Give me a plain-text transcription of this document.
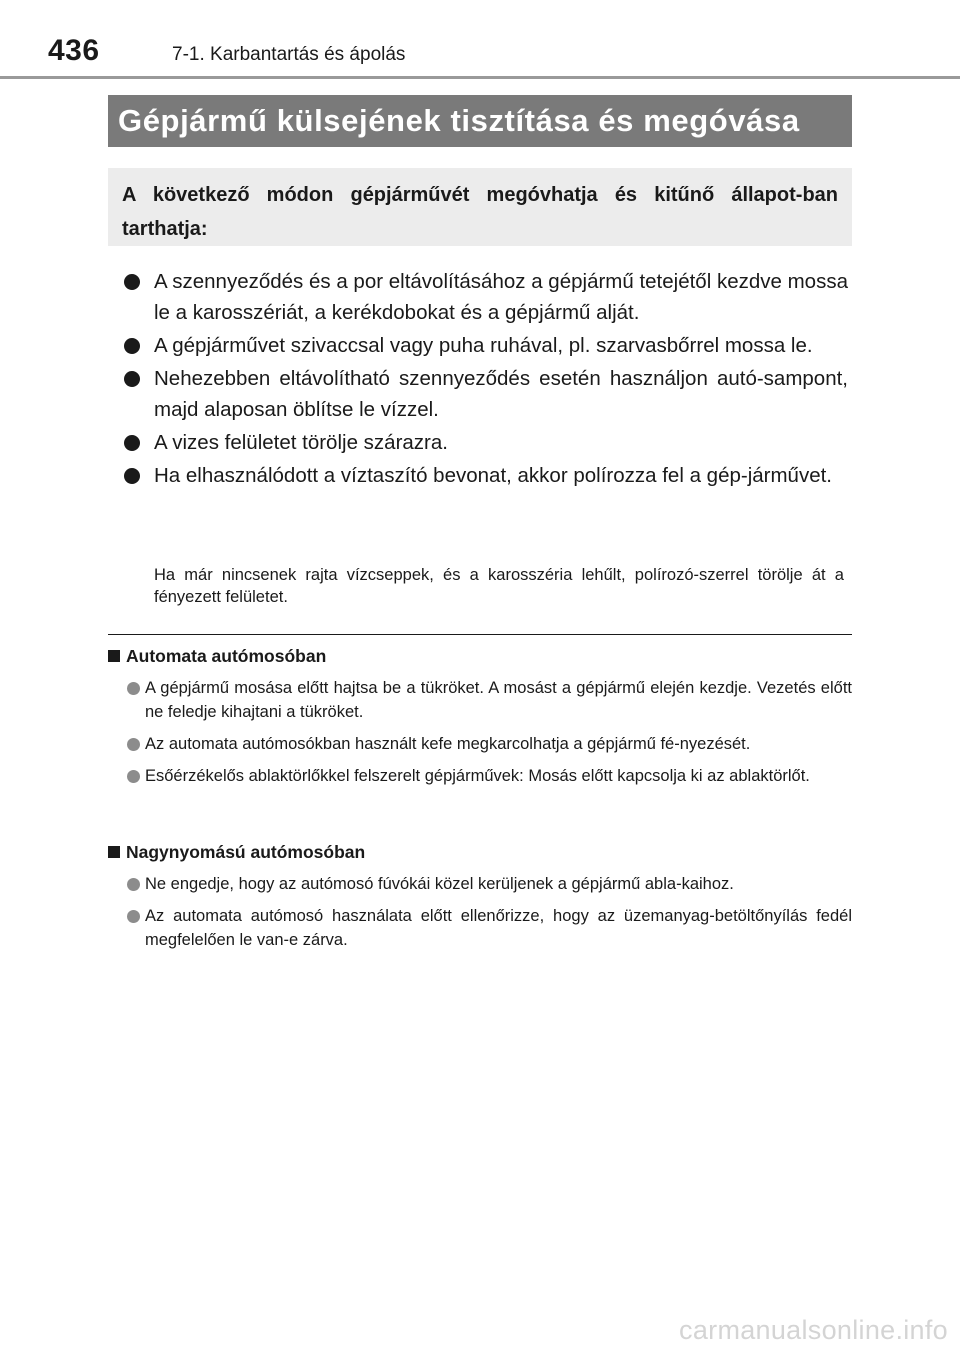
436	7-1. Karbantartás és ápolás
Gépjármű külsejének tisztítása és megóvása
A következő módon gépjárművét megóvhatja és kitűnő állapot-ban tarthatja:
A szennyeződés és a por eltávolításához a gépjármű tetejétől kezdve mossa le a karosszériát, a kerékdobokat és a gépjármű alját.
A gépjárművet szivaccsal vagy puha ruhával, pl. szarvasbőrrel mossa le.
Nehezebben eltávolítható szennyeződés esetén használjon autó-sampont, majd alaposan öblítse le vízzel.
A vizes felületet törölje szárazra.
Ha elhasználódott a víztaszító bevonat, akkor polírozza fel a gép-járművet.
Ha már nincsenek rajta vízcseppek, és a karosszéria lehűlt, polírozó-szerrel törölje át a fényezett felületet.
Automata autómosóban
A gépjármű mosása előtt hajtsa be a tükröket. A mosást a gépjármű elején kezdje. Vezetés előtt ne feledje kihajtani a tükröket.
Az automata autómosókban használt kefe megkarcolhatja a gépjármű fé-nyezését.
Esőérzékelős ablaktörlőkkel felszerelt gépjárművek: Mosás előtt kapcsolja ki az ablaktörlőt.
Nagynyomású autómosóban
Ne engedje, hogy az autómosó fúvókái közel kerüljenek a gépjármű abla-kaihoz.
Az automata autómosó használata előtt ellenőrizze, hogy az üzemanyag-betöltőnyílás fedél megfelelően le van-e zárva.
carmanualsonline.info
